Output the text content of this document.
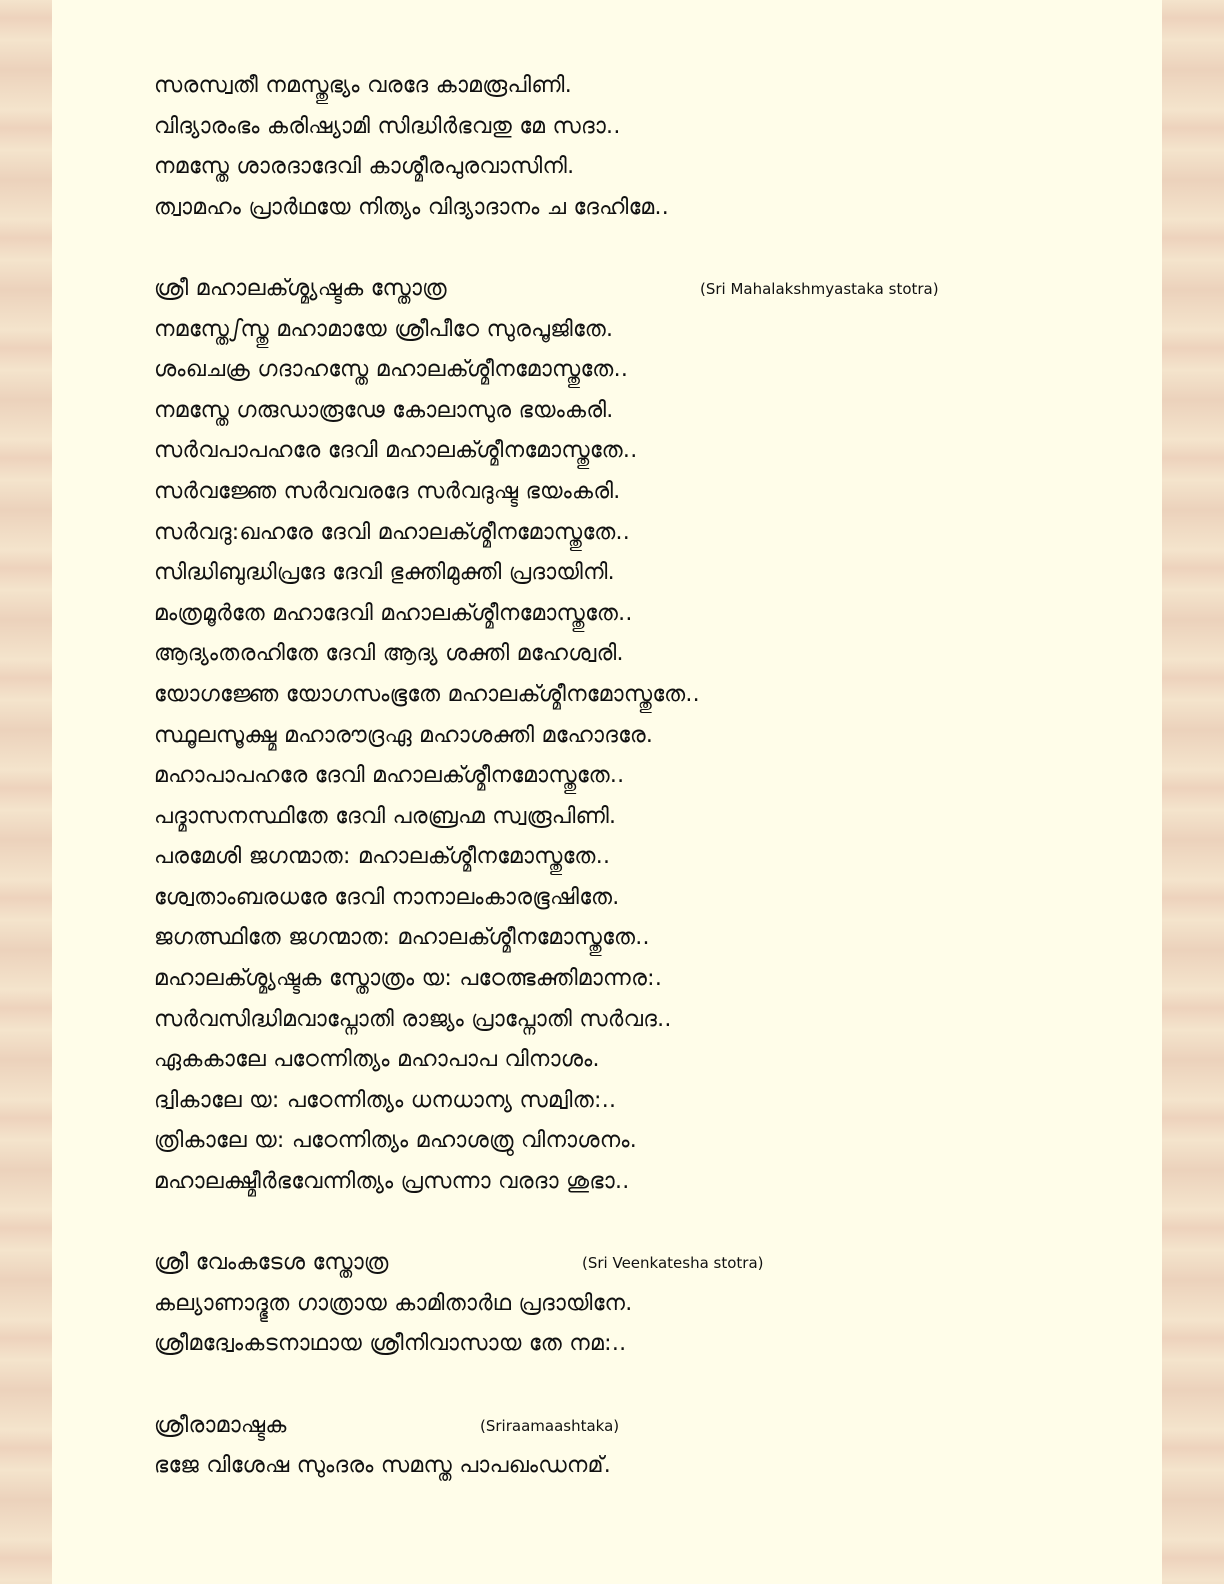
സരസ്വതീ നമസ്തുഭ്യം വരദേ കാമരൂപിണി.
വിദ്യാരംഭം കരിഷ്യാമി സിദ്ധിർഭവതു മേ സദാ..
നമസ്തേ ശാരദാദേവി കാശ്മീരപുരവാസിനി.
ത്വാമഹം പ്രാർഥയേ നിത്യം വിദ്യാദാനം ച ദേഹിമേ..
ശ്രീ മഹാലക്ശ്മ്യഷ്ടക സ്തോത്ര	(Sri Mahalakshmyastaka stotra)
നമസ്തേഽസ്തു മഹാമായേ ശ്രീപീഠേ സുരപൂജിതേ.
ശംഖചക്ര ഗദാഹസ്തേ മഹാലക്ശ്മീനമോസ്തുതേ..
നമസ്തേ ഗരുഡാരൂഢേ കോലാസുര ഭയംകരി.
സർവപാപഹരേ ദേവി മഹാലക്ശ്മീനമോസ്തുതേ..
സർവജ്ഞേ സർവവരദേ സർവദുഷ്ട ഭയംകരി.
സർവദു:ഖഹരേ ദേവി മഹാലക്ശ്മീനമോസ്തുതേ..
സിദ്ധിബുദ്ധിപ്രദേ ദേവി ഭുക്തിമുക്തി പ്രദായിനി.
മംത്രമൂർതേ മഹാദേവി മഹാലക്ശ്മീനമോസ്തുതേ..
ആദ്യംതരഹിതേ ദേവി ആദ്യ ശക്തി മഹേശ്വരി.
യോഗജ്ഞേ യോഗസംഭൂതേ മഹാലക്ശ്മീനമോസ്തുതേ..
സ്ഥൂലസൂക്ഷ്മ മഹാരൗദ്രഏ മഹാശക്തി മഹോദരേ.
മഹാപാപഹരേ ദേവി മഹാലക്ശ്മീനമോസ്തുതേ..
പദ്മാസനസ്ഥിതേ ദേവി പരബ്രഹ്മ സ്വരൂപിണി.
പരമേശി ജഗന്മാത: മഹാലക്ശ്മീനമോസ്തുതേ..
ശ്വേതാംബരധരേ ദേവി നാനാലംകാരഭൂഷിതേ.
ജഗത്സ്ഥിതേ ജഗന്മാത: മഹാലക്ശ്മീനമോസ്തുതേ..
മഹാലക്ശ്മ്യഷ്ടക സ്തോത്രം യ: പഠേത്ഭക്തിമാന്നര:.
സർവസിദ്ധിമവാപ്നോതി രാജ്യം പ്രാപ്നോതി സർവദ..
ഏകകാലേ പഠേന്നിത്യം മഹാപാപ വിനാശം.
ദ്വികാലേ യ: പഠേന്നിത്യം ധനധാന്യ സമ്വിത:..
ത്രികാലേ യ: പഠേന്നിത്യം മഹാശത്രു വിനാശനം.
മഹാലക്ഷ്മീർഭവേന്നിത്യം പ്രസന്നാ വരദാ ശുഭാ..
ശ്രീ വേംകടേശ സ്തോത്ര	(Sri Veenkatesha stotra)
കല്യാണാദ്ഭുത ഗാത്രായ കാമിതാർഥ പ്രദായിനേ.
ശ്രീമദ്വേംകടനാഥായ ശ്രീനിവാസായ തേ നമ:..
ശ്രീരാമാഷ്ടക	(Sriraamaashtaka)
ഭജേ വിശേഷ സുംദരം സമസ്ത പാപഖംഡനമ്.
